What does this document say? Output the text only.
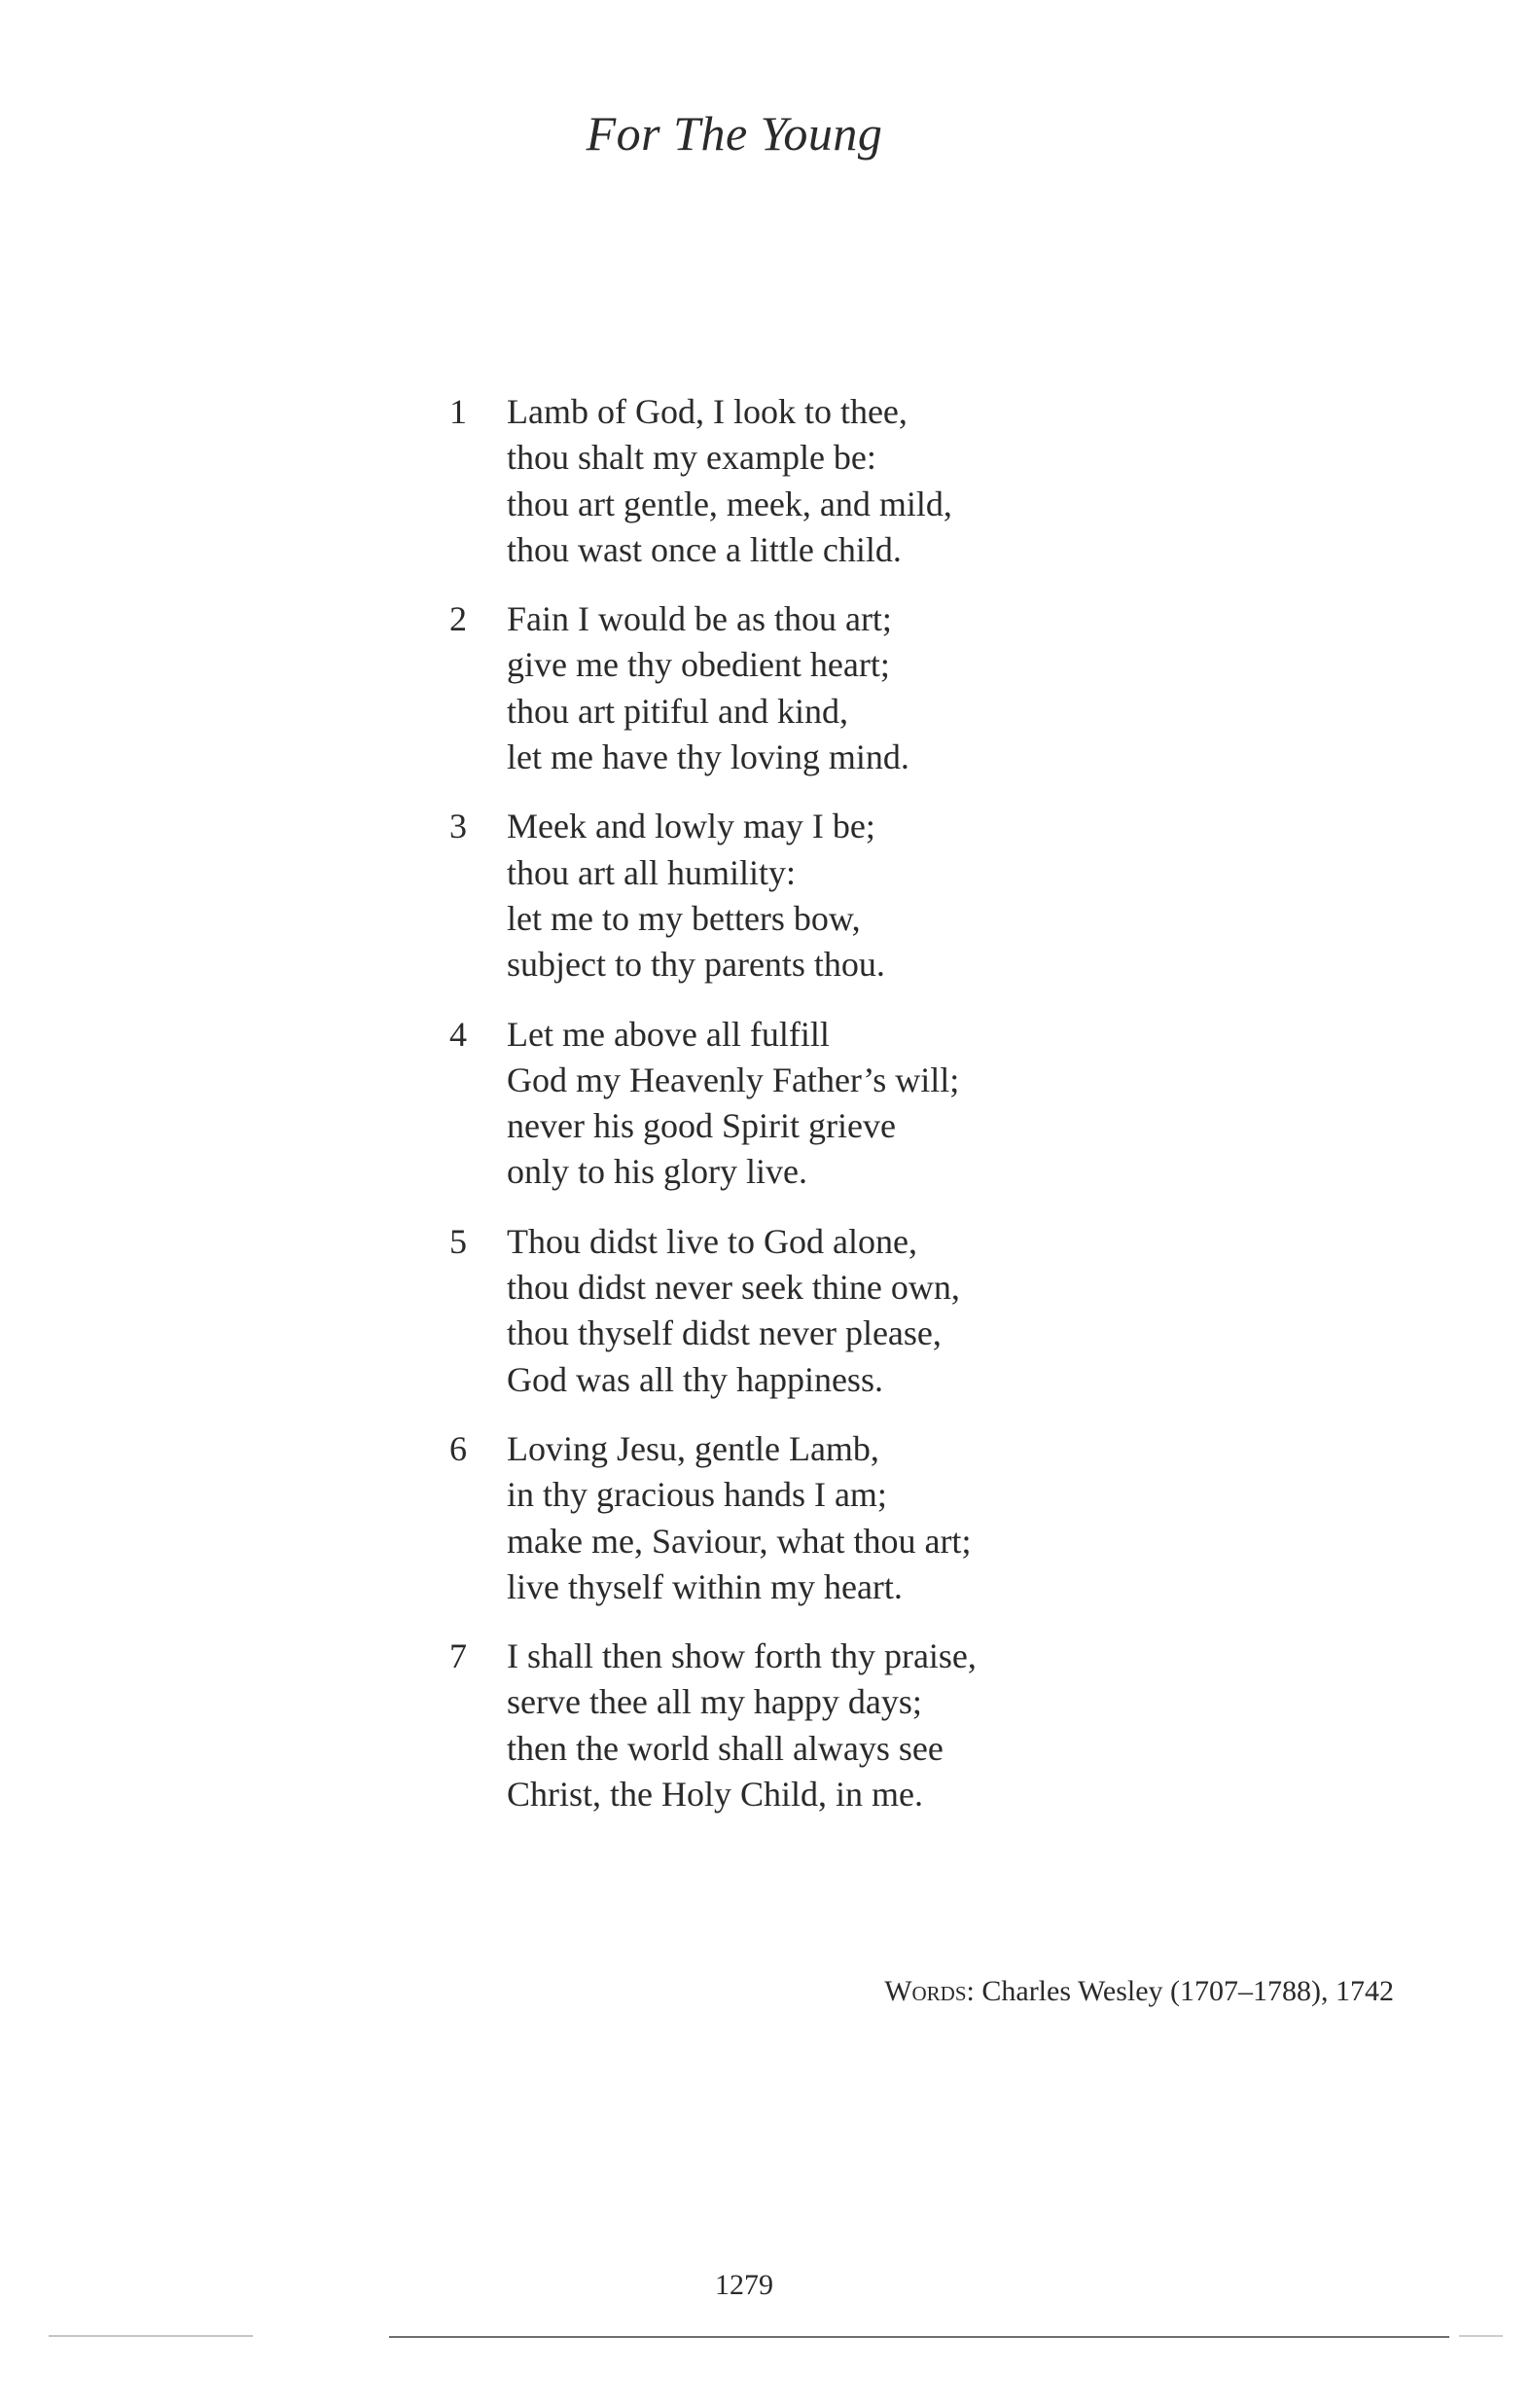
For The Young
1	Lamb of God, I look to thee,
thou shalt my example be:
thou art gentle, meek, and mild,
thou wast once a little child.
2	Fain I would be as thou art;
give me thy obedient heart;
thou art pitiful and kind,
let me have thy loving mind.
3	Meek and lowly may I be;
thou art all humility:
let me to my betters bow,
subject to thy parents thou.
4	Let me above all fulfill
God my Heavenly Father’s will;
never his good Spirit grieve
only to his glory live.
5	Thou didst live to God alone,
thou didst never seek thine own,
thou thyself didst never please,
God was all thy happiness.
6	Loving Jesu, gentle Lamb,
in thy gracious hands I am;
make me, Saviour, what thou art;
live thyself within my heart.
7	I shall then show forth thy praise,
serve thee all my happy days;
then the world shall always see
Christ, the Holy Child, in me.
Words: Charles Wesley (1707–1788), 1742
1279
